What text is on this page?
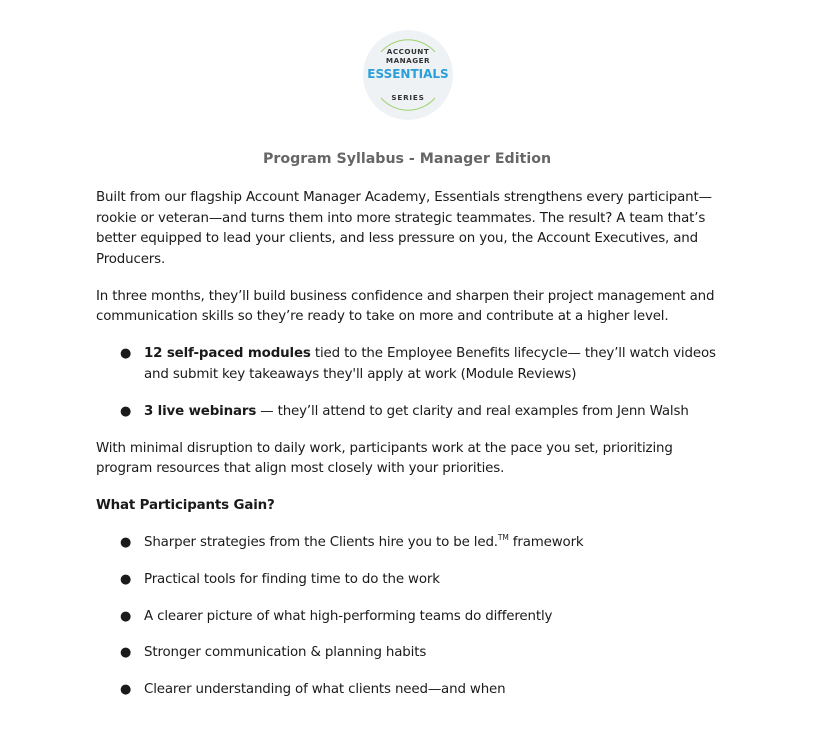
ACCOUNT
MANAGER
ESSENTIALS
SERIES
Program Syllabus - Manager Edition

Built from our flagship Account Manager Academy, Essentials strengthens every participant—rookie or veteran—and turns them into more strategic teammates. The result? A team that’s better equipped to lead your clients, and less pressure on you, the Account Executives, and Producers.

In three months, they’ll build business confidence and sharpen their project management and communication skills so they’re ready to take on more and contribute at a higher level.

● 12 self-paced modules tied to the Employee Benefits lifecycle— they’ll watch videos and submit key takeaways they'll apply at work (Module Reviews)
● 3 live webinars — they’ll attend to get clarity and real examples from Jenn Walsh

With minimal disruption to daily work, participants work at the pace you set, prioritizing program resources that align most closely with your priorities.

What Participants Gain?
● Sharper strategies from the Clients hire you to be led.™ framework
● Practical tools for finding time to do the work
● A clearer picture of what high-performing teams do differently
● Stronger communication & planning habits
● Clearer understanding of what clients need—and when
